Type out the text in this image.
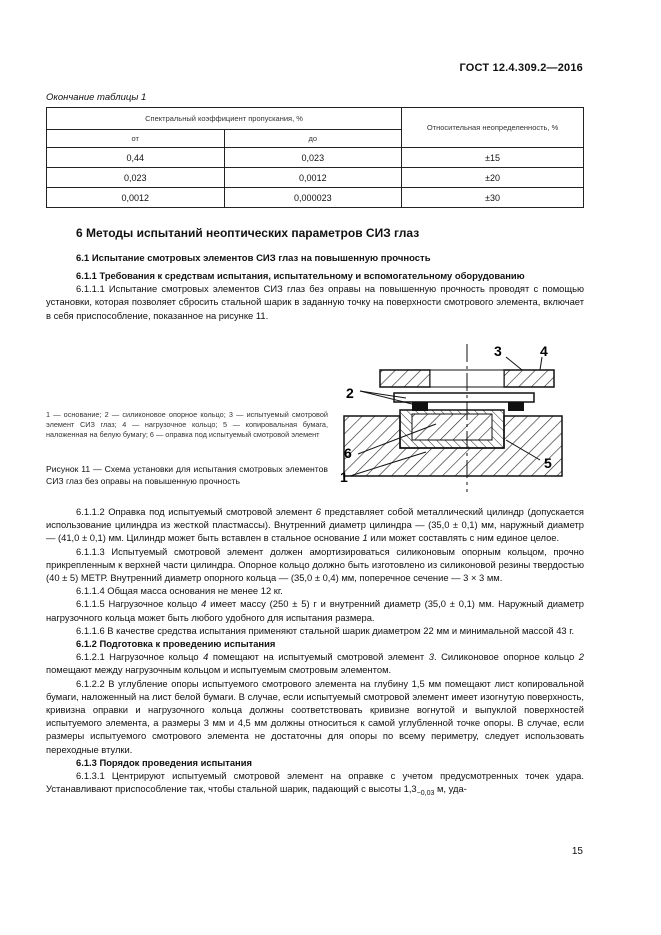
ГОСТ 12.4.309.2—2016
Окончание таблицы 1
Спектральный коэффициент пропускания, %		Относительная неопределенность, %
от	до	
0,44	0,023	±15
0,023	0,0012	±20
0,0012	0,000023	±30
6 Методы испытаний неоптических параметров СИЗ глаз
6.1 Испытание смотровых элементов СИЗ глаз на повышенную прочность

6.1.1 Требования к средствам испытания, испытательному и вспомогательному оборудованию

6.1.1.1 Испытание смотровых элементов СИЗ глаз без оправы на повышенную прочность проводят с помощью установки, которая позволяет сбросить стальной шарик в заданную точку на поверхности смотрового элемента, включает в себя приспособление, показанное на рисунке 11.

2
3	4
6
1
5
1 — основание; 2 — силиконовое опорное кольцо; 3 — испытуемый смотровой элемент СИЗ глаз; 4 — нагрузочное кольцо; 5 — копировальная бумага, наложенная на белую бумагу; 6 — оправка под испытуемый смотровой элемент
Рисунок 11 — Схема установки для испытания смотровых элементов СИЗ глаз без оправы на повышенную прочность

6.1.1.2 Оправка под испытуемый смотровой элемент 6 представляет собой металлический цилиндр (допускается использование цилиндра из жесткой пластмассы). Внутренний диаметр цилиндра — (35,0 ± 0,1) мм, наружный диаметр — (41,0 ± 0,1) мм. Цилиндр может быть вставлен в стальное основание 1 или может составлять с ним единое целое.

6.1.1.3 Испытуемый смотровой элемент должен амортизироваться силиконовым опорным кольцом, прочно прикрепленным к верхней части цилиндра. Опорное кольцо должно быть изготовлено из силиконовой резины твердостью (40 ± 5) МЕТР. Внутренний диаметр опорного кольца — (35,0 ± 0,4) мм, поперечное сечение — 3 × 3 мм.

6.1.1.4 Общая масса основания не менее 12 кг.

6.1.1.5 Нагрузочное кольцо 4 имеет массу (250 ± 5) г и внутренний диаметр (35,0 ± 0,1) мм. Наружный диаметр нагрузочного кольца может быть любого удобного для испытания размера.

6.1.1.6 В качестве средства испытания применяют стальной шарик диаметром 22 мм и минимальной массой 43 г.

6.1.2 Подготовка к проведению испытания

6.1.2.1 Нагрузочное кольцо 4 помещают на испытуемый смотровой элемент 3. Силиконовое опорное кольцо 2 помещают между нагрузочным кольцом и испытуемым смотровым элементом.

6.1.2.2 В углубление опоры испытуемого смотрового элемента на глубину 1,5 мм помещают лист копировальной бумаги, наложенный на лист белой бумаги. В случае, если испытуемый смотровой элемент имеет изогнутую поверхность, кривизна оправки и нагрузочного кольца должны соответствовать кривизне вогнутой и выпуклой поверхностей испытуемого элемента, а размеры 3 мм и 4,5 мм должны относиться к самой углубленной точке опоры. В случае, если размеры испытуемого смотрового элемента не достаточны для опоры по всему периметру, следует использовать переходные втулки.

6.1.3 Порядок проведения испытания

6.1.3.1 Центрируют испытуемый смотровой элемент на оправке с учетом предусмотренных точек удара. Устанавливают приспособление так, чтобы стальной шарик, падающий с высоты $1,3_{-0,03}$ м, уда-

15
